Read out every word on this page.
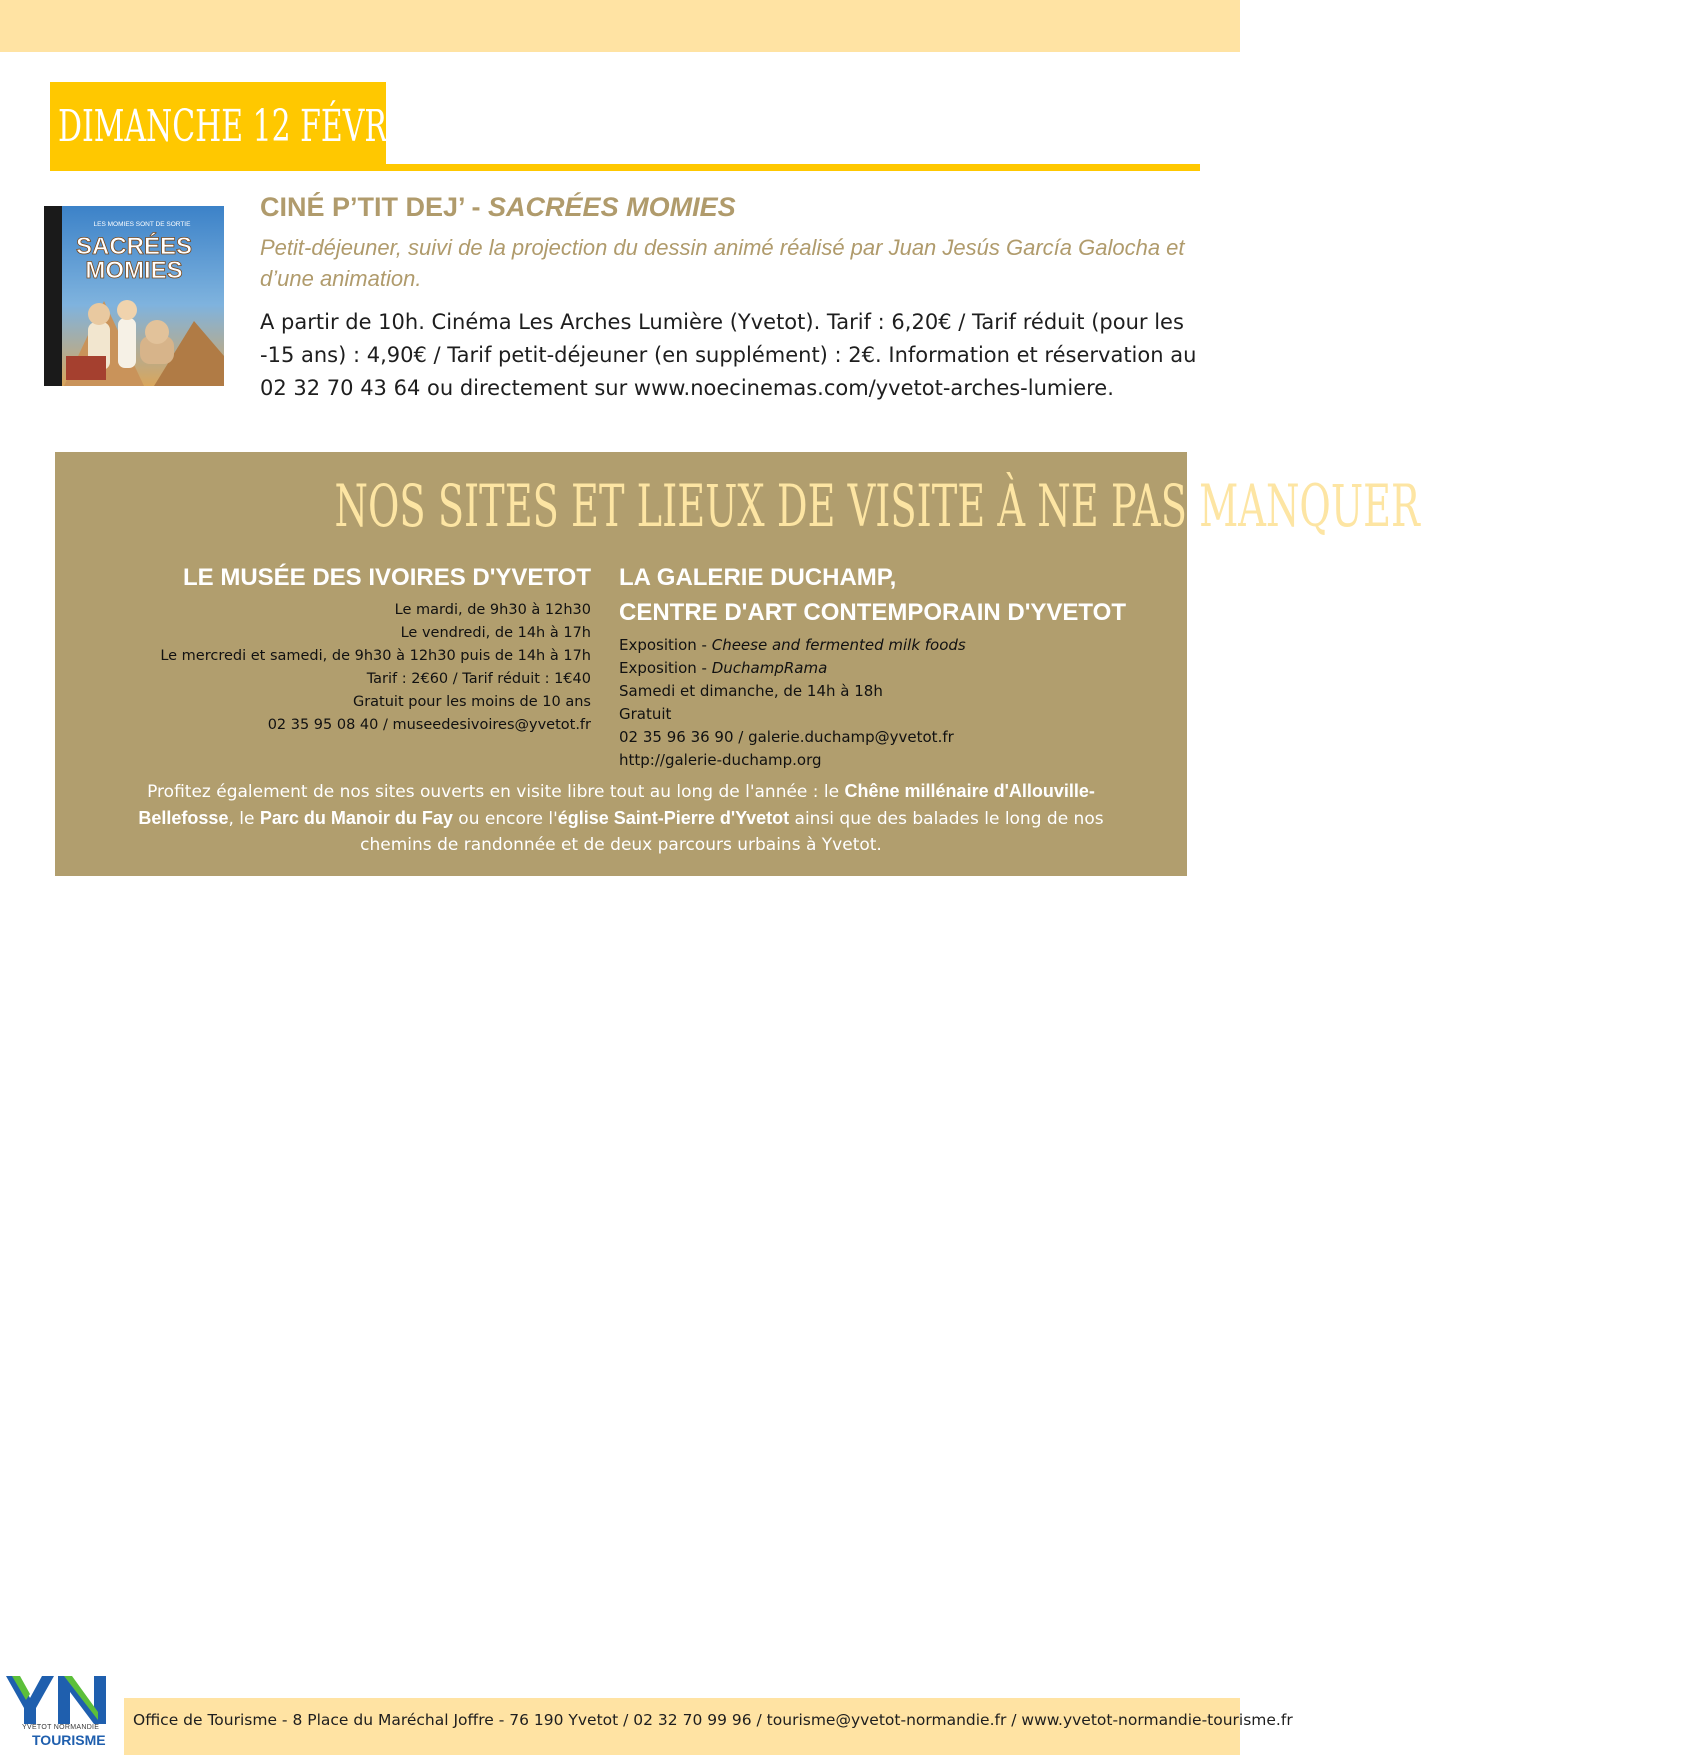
DIMANCHE 12 FÉVRIER
LES MOMIES SONT DE SORTIE
SACRÉES
MOMIES
CINÉ P’TIT DEJ’ - SACRÉES MOMIES

Petit-déjeuner, suivi de la projection du dessin animé réalisé par Juan Jesús García Galocha et d’une animation.

A partir de 10h. Cinéma Les Arches Lumière (Yvetot). Tarif : 6,20€ / Tarif réduit (pour les -15 ans) : 4,90€ / Tarif petit-déjeuner (en supplément) : 2€. Information et réservation au 02 32 70 43 64 ou directement sur www.noecinemas.com/yvetot-arches-lumiere.

NOS SITES ET LIEUX DE VISITE À NE PAS MANQUER

LE MUSÉE DES IVOIRES D'YVETOT

Le mardi, de 9h30 à 12h30

Le vendredi, de 14h à 17h

Le mercredi et samedi, de 9h30 à 12h30 puis de 14h à 17h

Tarif : 2€60 / Tarif réduit : 1€40

Gratuit pour les moins de 10 ans

02 35 95 08 40 / museedesivoires@yvetot.fr

LA GALERIE DUCHAMP,

CENTRE D'ART CONTEMPORAIN D'YVETOT

Exposition - Cheese and fermented milk foods

Exposition - DuchampRama

Samedi et dimanche, de 14h à 18h

Gratuit

02 35 96 36 90 / galerie.duchamp@yvetot.fr

http://galerie-duchamp.org

Profitez également de nos sites ouverts en visite libre tout au long de l'année : le Chêne millénaire d'Allouville-Bellefosse, le Parc du Manoir du Fay ou encore l'église Saint-Pierre d'Yvetot ainsi que des balades le long de nos chemins de randonnée et de deux parcours urbains à Yvetot.

Office de Tourisme - 8 Place du Maréchal Joffre - 76 190 Yvetot / 02 32 70 99 96 / tourisme@yvetot-normandie.fr / www.yvetot-normandie-tourisme.fr

YVETOT NORMANDIE

TOURISME
